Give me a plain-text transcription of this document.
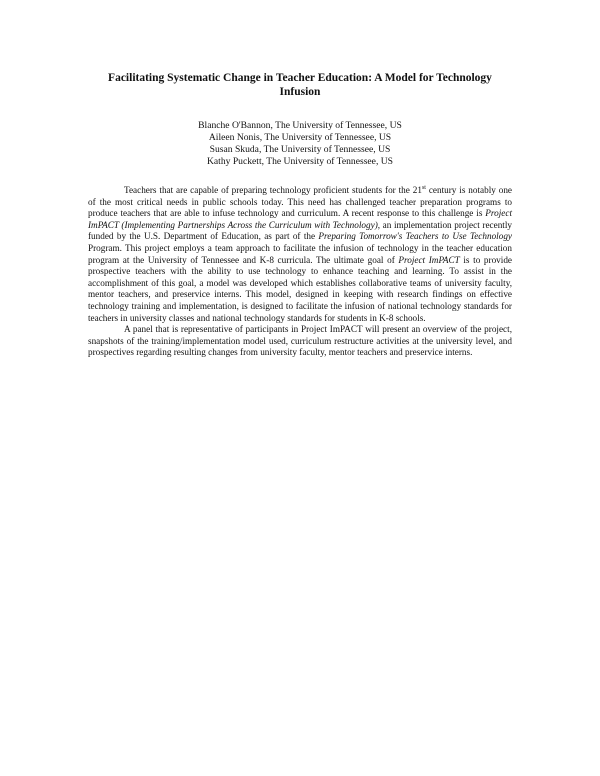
Facilitating Systematic Change in Teacher Education: A Model for Technology Infusion
Blanche O'Bannon, The University of Tennessee, US
Aileen Nonis, The University of Tennessee, US
Susan Skuda, The University of Tennessee, US
Kathy Puckett, The University of Tennessee, US

Teachers that are capable of preparing technology proficient students for the 21st century is notably one of the most critical needs in public schools today. This need has challenged teacher preparation programs to produce teachers that are able to infuse technology and curriculum. A recent response to this challenge is Project ImPACT (Implementing Partnerships Across the Curriculum with Technology), an implementation project recently funded by the U.S. Department of Education, as part of the Preparing Tomorrow's Teachers to Use Technology Program. This project employs a team approach to facilitate the infusion of technology in the teacher education program at the University of Tennessee and K-8 curricula. The ultimate goal of Project ImPACT is to provide prospective teachers with the ability to use technology to enhance teaching and learning. To assist in the accomplishment of this goal, a model was developed which establishes collaborative teams of university faculty, mentor teachers, and preservice interns. This model, designed in keeping with research findings on effective technology training and implementation, is designed to facilitate the infusion of national technology standards for teachers in university classes and national technology standards for students in K-8 schools.

A panel that is representative of participants in Project ImPACT will present an overview of the project, snapshots of the training/implementation model used, curriculum restructure activities at the university level, and prospectives regarding resulting changes from university faculty, mentor teachers and preservice interns.
